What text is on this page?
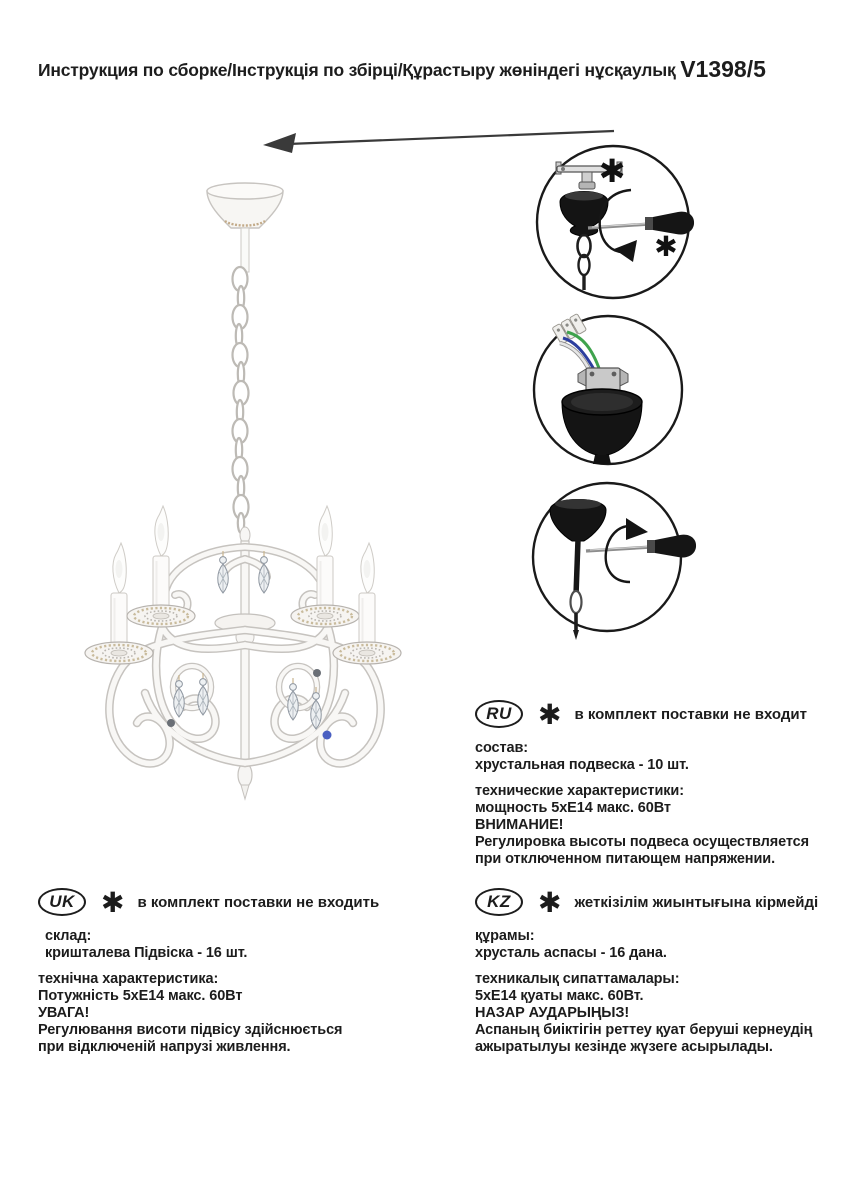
Инструкция по сборке/Інструкція по збірці/Құрастыру жөніндегі нұсқаулық V1398/5
✱
✱
RU ✱ в комплект поставки не входит

состав:

хрустальная подвеска - 10 шт.

технические характеристики:

мощность 5хЕ14 макс. 60Вт

ВНИМАНИЕ!

Регулировка высоты подвеса осуществляется

при отключенном питающем напряжении.

UK ✱ в комплект поставки не входить

склад:

кришталева Підвіска - 16 шт.

технічна характеристика:

Потужність 5хЕ14 макс. 60Вт

УВАГА!

Регулювання висоти підвісу здійснюється

при відключеній напрузі живлення.

KZ ✱ жеткізілім жиынтығына кірмейді

құрамы:

хрусталь аспасы - 16 дана.

техникалық сипаттамалары:

5хЕ14 қуаты макс. 60Вт.

НАЗАР АУДАРЫҢЫЗ!

Аспаның биіктігін реттеу қуат беруші кернеудің

ажыратылуы кезінде жүзеге асырылады.
